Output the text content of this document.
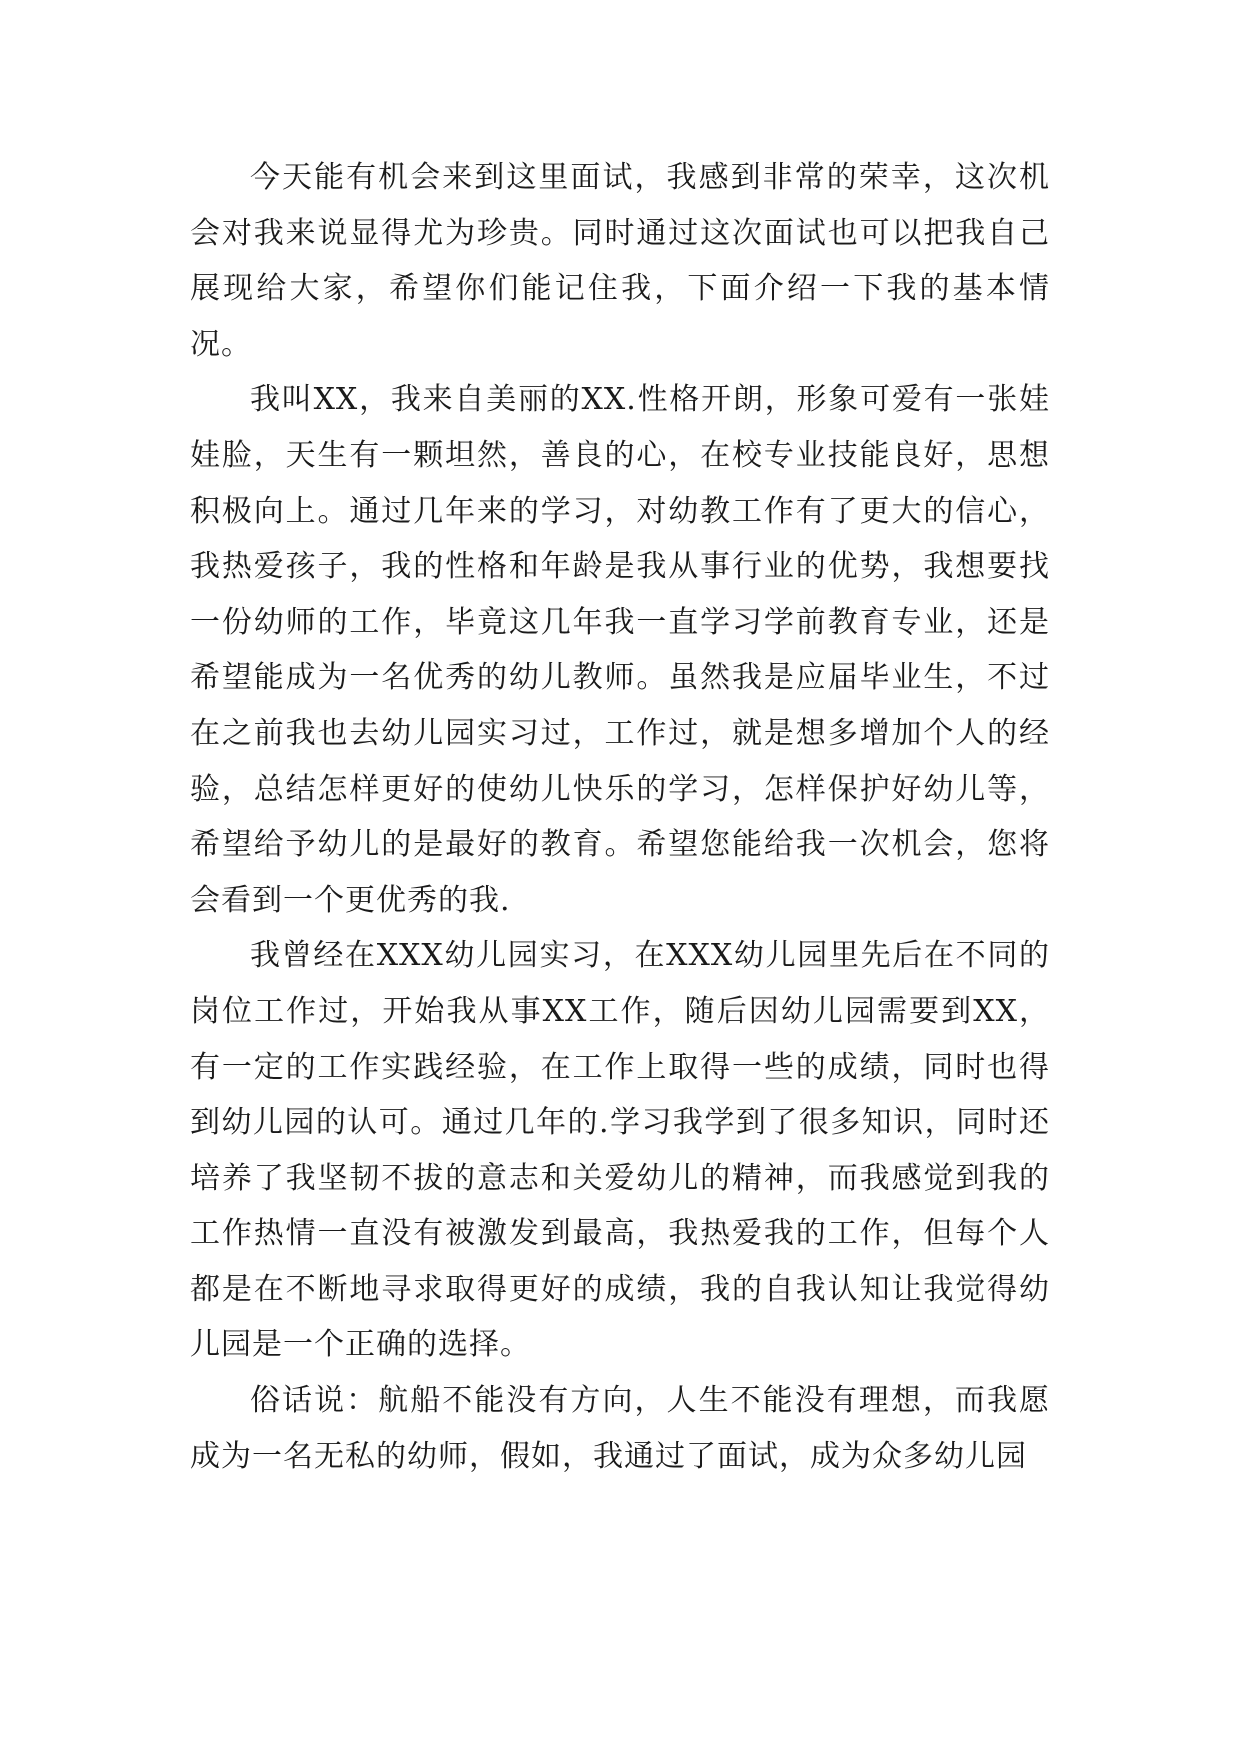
今天能有机会来到这里面试，我感到非常的荣幸，这次机会对我来说显得尤为珍贵。同时通过这次面试也可以把我自己展现给大家，希望你们能记住我，下面介绍一下我的基本情况。

我叫XX，我来自美丽的XX.性格开朗，形象可爱有一张娃娃脸，天生有一颗坦然，善良的心，在校专业技能良好，思想积极向上。通过几年来的学习，对幼教工作有了更大的信心，我热爱孩子，我的性格和年龄是我从事行业的优势，我想要找一份幼师的工作，毕竟这几年我一直学习学前教育专业，还是希望能成为一名优秀的幼儿教师。虽然我是应届毕业生，不过在之前我也去幼儿园实习过，工作过，就是想多增加个人的经验，总结怎样更好的使幼儿快乐的学习，怎样保护好幼儿等，希望给予幼儿的是最好的教育。希望您能给我一次机会，您将会看到一个更优秀的我.

我曾经在XXX幼儿园实习，在XXX幼儿园里先后在不同的岗位工作过，开始我从事XX工作，随后因幼儿园需要到XX，有一定的工作实践经验，在工作上取得一些的成绩，同时也得到幼儿园的认可。通过几年的.学习我学到了很多知识，同时还培养了我坚韧不拔的意志和关爱幼儿的精神，而我感觉到我的工作热情一直没有被激发到最高，我热爱我的工作，但每个人都是在不断地寻求取得更好的成绩，我的自我认知让我觉得幼儿园是一个正确的选择。

俗话说：航船不能没有方向，人生不能没有理想，而我愿成为一名无私的幼师，假如，我通过了面试，成为众多幼儿园
